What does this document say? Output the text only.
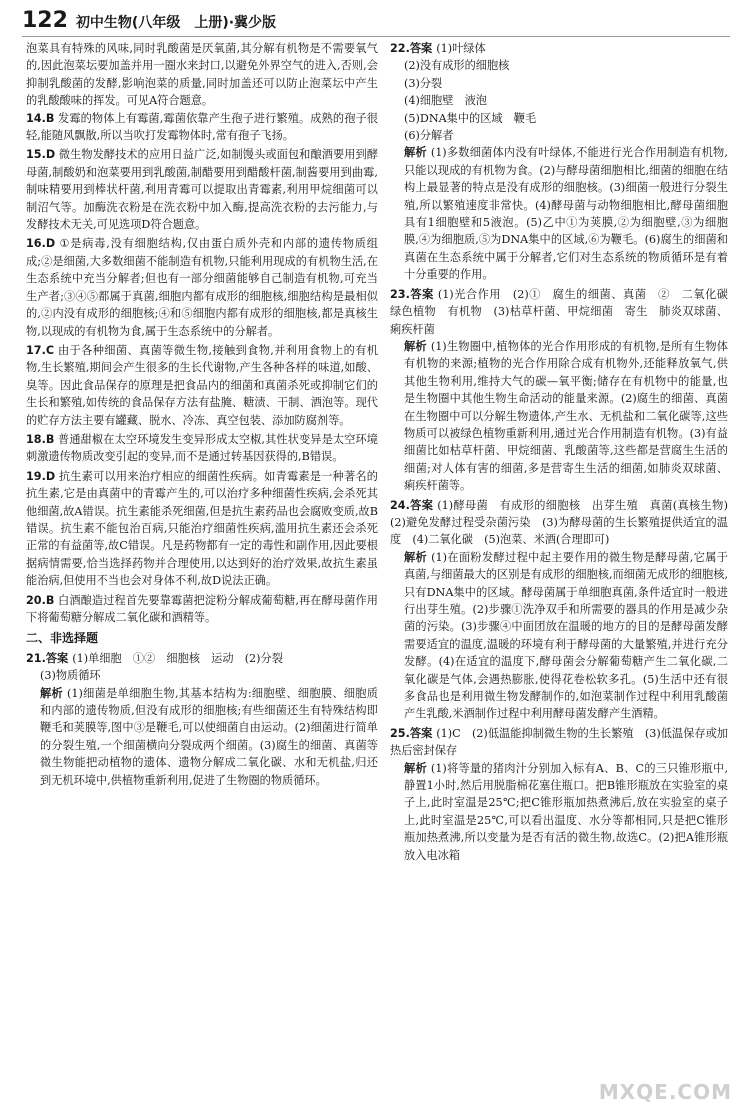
122 初中生物(八年级　上册)·冀少版

泡菜具有特殊的风味,同时乳酸菌是厌氧菌,其分解有机物是不需要氧气的,因此泡菜坛要加盖并用一圈水来封口,以避免外界空气的进入,否则,会抑制乳酸菌的发酵,影响泡菜的质量,同时加盖还可以防止泡菜坛中产生的乳酸酸味的挥发。可见A符合题意。

14.B 发霉的物体上有霉菌,霉菌依靠产生孢子进行繁殖。成熟的孢子很轻,能随风飘散,所以当吹打发霉物体时,常有孢子飞扬。

15.D 微生物发酵技术的应用日益广泛,如制馒头或面包和酿酒要用到酵母菌,制酸奶和泡菜要用到乳酸菌,制醋要用到醋酸杆菌,制酱要用到曲霉,制味精要用到棒状杆菌,利用青霉可以提取出青霉素,利用甲烷细菌可以制沼气等。加酶洗衣粉是在洗衣粉中加入酶,提高洗衣粉的去污能力,与发酵技术无关,可见选项D符合题意。

16.D ①是病毒,没有细胞结构,仅由蛋白质外壳和内部的遗传物质组成;②是细菌,大多数细菌不能制造有机物,只能利用现成的有机物生活,在生态系统中充当分解者;但也有一部分细菌能够自己制造有机物,可充当生产者;③④⑤都属于真菌,细胞内都有成形的细胞核,细胞结构是最相似的,②内没有成形的细胞核;④和⑤细胞内都有成形的细胞核,都是真核生物,以现成的有机物为食,属于生态系统中的分解者。

17.C 由于各种细菌、真菌等微生物,接触到食物,并利用食物上的有机物,生长繁殖,期间会产生很多的生长代谢物,产生各种各样的味道,如酸、臭等。因此食品保存的原理是把食品内的细菌和真菌杀死或抑制它们的生长和繁殖,如传统的食品保存方法有盐腌、糖渍、干制、酒泡等。现代的贮存方法主要有罐藏、脱水、冷冻、真空包装、添加防腐剂等。

18.B 普通甜椒在太空环境发生变异形成太空椒,其性状变异是太空环境刺激遗传物质改变引起的变异,而不是通过转基因获得的,B错误。

19.D 抗生素可以用来治疗相应的细菌性疾病。如青霉素是一种著名的抗生素,它是由真菌中的青霉产生的,可以治疗多种细菌性疾病,会杀死其他细菌,故A错误。抗生素能杀死细菌,但是抗生素药品也会腐败变质,故B错误。抗生素不能包治百病,只能治疗细菌性疾病,滥用抗生素还会杀死正常的有益菌等,故C错误。凡是药物都有一定的毒性和副作用,因此要根据病情需要,恰当选择药物并合理使用,以达到好的治疗效果,故抗生素虽能治病,但使用不当也会对身体不利,故D说法正确。

20.B 白酒酿造过程首先要靠霉菌把淀粉分解成葡萄糖,再在酵母菌作用下将葡萄糖分解成二氧化碳和酒精等。

二、非选择题
21.答案 (1)单细胞　①②　细胞核　运动　(2)分裂
(3)物质循环
解析 (1)细菌是单细胞生物,其基本结构为:细胞壁、细胞膜、细胞质和内部的遗传物质,但没有成形的细胞核;有些细菌还生有特殊结构即鞭毛和荚膜等,图中③是鞭毛,可以使细菌自由运动。(2)细菌进行简单的分裂生殖,一个细菌横向分裂成两个细菌。(3)腐生的细菌、真菌等微生物能把动植物的遗体、遗物分解成二氧化碳、水和无机盐,归还到无机环境中,供植物重新利用,促进了生物圈的物质循环。
22.答案 (1)叶绿体
(2)没有成形的细胞核
(3)分裂
(4)细胞壁　液泡
(5)DNA集中的区域　鞭毛
(6)分解者
解析 (1)多数细菌体内没有叶绿体,不能进行光合作用制造有机物,只能以现成的有机物为食。(2)与酵母菌细胞相比,细菌的细胞在结构上最显著的特点是没有成形的细胞核。(3)细菌一般进行分裂生殖,所以繁殖速度非常快。(4)酵母菌与动物细胞相比,酵母菌细胞具有1细胞壁和5液泡。(5)乙中①为荚膜,②为细胞壁,③为细胞膜,④为细胞质,⑤为DNA集中的区域,⑥为鞭毛。(6)腐生的细菌和真菌在生态系统中属于分解者,它们对生态系统的物质循环是有着十分重要的作用。
23.答案 (1)光合作用　(2)①　腐生的细菌、真菌　②　二氧化碳　绿色植物　有机物　(3)枯草杆菌、甲烷细菌　寄生　肺炎双球菌、痢疾杆菌
解析 (1)生物圈中,植物体的光合作用形成的有机物,是所有生物体有机物的来源;植物的光合作用除合成有机物外,还能释放氧气,供其他生物利用,维持大气的碳—氧平衡;储存在有机物中的能量,也是生物圈中其他生物生命活动的能量来源。(2)腐生的细菌、真菌在生物圈中可以分解生物遗体,产生水、无机盐和二氧化碳等,这些物质可以被绿色植物重新利用,通过光合作用制造有机物。(3)有益细菌比如枯草杆菌、甲烷细菌、乳酸菌等,这些都是营腐生生活的细菌;对人体有害的细菌,多是营寄生生活的细菌,如肺炎双球菌、痢疾杆菌等。
24.答案 (1)酵母菌　有成形的细胞核　出芽生殖　真菌(真核生物)　(2)避免发酵过程受杂菌污染　(3)为酵母菌的生长繁殖提供适宜的温度　(4)二氧化碳　(5)泡菜、米酒(合理即可)
解析 (1)在面粉发酵过程中起主要作用的微生物是酵母菌,它属于真菌,与细菌最大的区别是有成形的细胞核,而细菌无成形的细胞核,只有DNA集中的区域。酵母菌属于单细胞真菌,条件适宜时一般进行出芽生殖。(2)步骤①洗净双手和所需要的器具的作用是减少杂菌的污染。(3)步骤④中面团放在温暖的地方的目的是酵母菌发酵需要适宜的温度,温暖的环境有利于酵母菌的大量繁殖,并进行充分发酵。(4)在适宜的温度下,酵母菌会分解葡萄糖产生二氧化碳,二氧化碳是气体,会遇热膨胀,使得花卷松软多孔。(5)生活中还有很多食品也是利用微生物发酵制作的,如泡菜制作过程中利用乳酸菌产生乳酸,米酒制作过程中利用酵母菌发酵产生酒精。
25.答案 (1)C　(2)低温能抑制微生物的生长繁殖　(3)低温保存或加热后密封保存
解析 (1)将等量的猪肉汁分别加入标有A、B、C的三只锥形瓶中,静置1小时,然后用脱脂棉花塞住瓶口。把B锥形瓶放在实验室的桌子上,此时室温是25℃;把C锥形瓶加热煮沸后,放在实验室的桌子上,此时室温是25℃,可以看出温度、水分等都相同,只是把C锥形瓶加热煮沸,所以变量为是否有活的微生物,故选C。(2)把A锥形瓶放入电冰箱
MXQE.COM
